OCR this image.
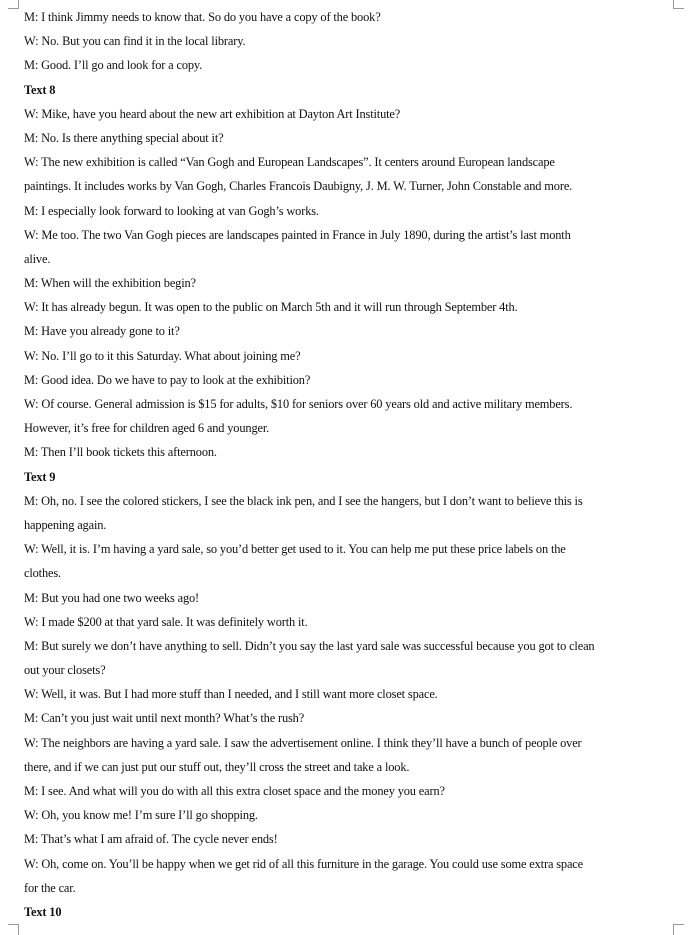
M: I think Jimmy needs to know that. So do you have a copy of the book?
W: No. But you can find it in the local library.
M: Good. I’ll go and look for a copy.
Text 8
W: Mike, have you heard about the new art exhibition at Dayton Art Institute?
M: No. Is there anything special about it?
W: The new exhibition is called “Van Gogh and European Landscapes”. It centers around European landscape
paintings. It includes works by Van Gogh, Charles Francois Daubigny, J. M. W. Turner, John Constable and more.
M: I especially look forward to looking at van Gogh’s works.
W: Me too. The two Van Gogh pieces are landscapes painted in France in July 1890, during the artist’s last month
alive.
M: When will the exhibition begin?
W: It has already begun. It was open to the public on March 5th and it will run through September 4th.
M: Have you already gone to it?
W: No. I’ll go to it this Saturday. What about joining me?
M: Good idea. Do we have to pay to look at the exhibition?
W: Of course. General admission is $15 for adults, $10 for seniors over 60 years old and active military members.
However, it’s free for children aged 6 and younger.
M: Then I’ll book tickets this afternoon.
Text 9
M: Oh, no. I see the colored stickers, I see the black ink pen, and I see the hangers, but I don’t want to believe this is
happening again.
W: Well, it is. I’m having a yard sale, so you’d better get used to it. You can help me put these price labels on the
clothes.
M: But you had one two weeks ago!
W: I made $200 at that yard sale. It was definitely worth it.
M: But surely we don’t have anything to sell. Didn’t you say the last yard sale was successful because you got to clean
out your closets?
W: Well, it was. But I had more stuff than I needed, and I still want more closet space.
M: Can’t you just wait until next month? What’s the rush?
W: The neighbors are having a yard sale. I saw the advertisement online. I think they’ll have a bunch of people over
there, and if we can just put our stuff out, they’ll cross the street and take a look.
M: I see. And what will you do with all this extra closet space and the money you earn?
W: Oh, you know me! I’m sure I’ll go shopping.
M: That’s what I am afraid of. The cycle never ends!
W: Oh, come on. You’ll be happy when we get rid of all this furniture in the garage. You could use some extra space
for the car.
Text 10
